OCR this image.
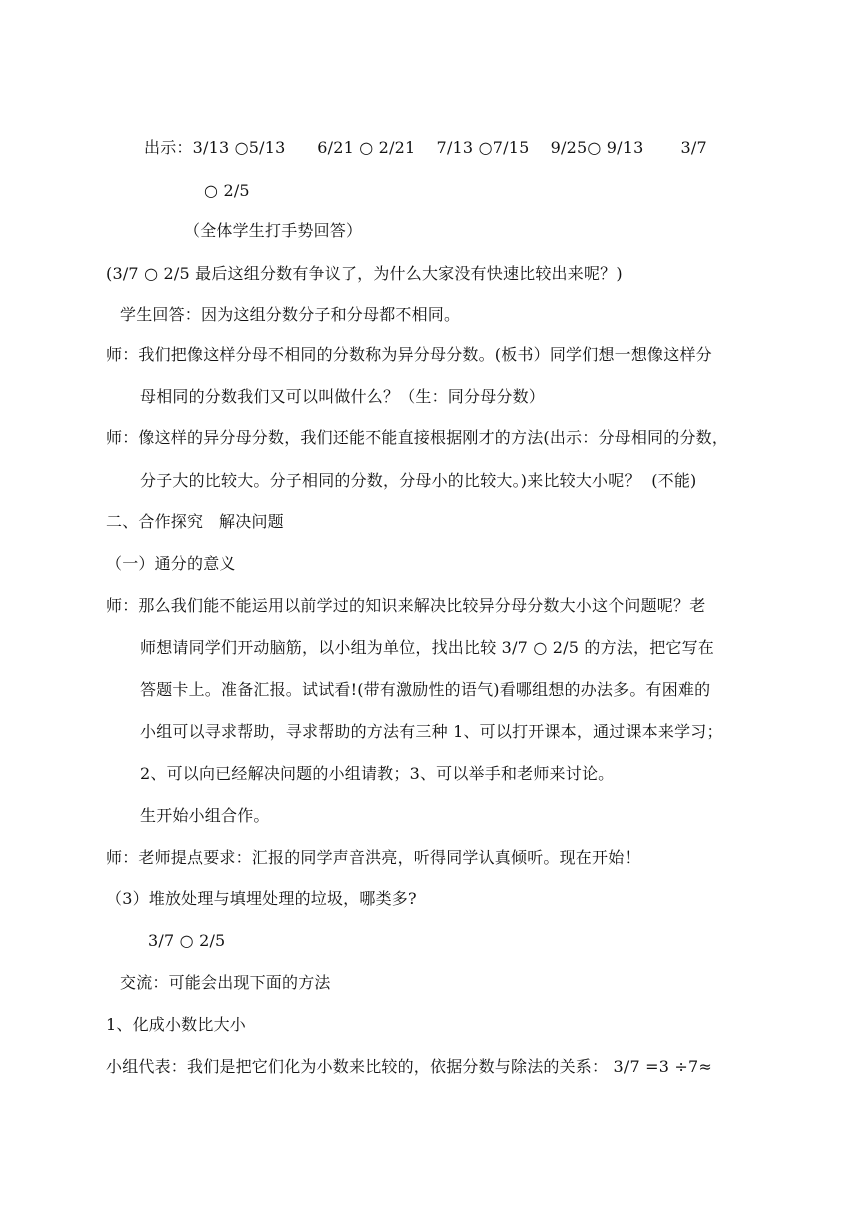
出示：3/13 ○5/13      6/21 ○ 2/21    7/13 ○7/15    9/25○ 9/13       3/7
○ 2/5
（全体学生打手势回答）
(3/7 ○ 2/5 最后这组分数有争议了，为什么大家没有快速比较出来呢？)
学生回答：因为这组分数分子和分母都不相同。
师：我们把像这样分母不相同的分数称为异分母分数。(板书）同学们想一想像这样分
母相同的分数我们又可以叫做什么？（生：同分母分数）
师：像这样的异分母分数，我们还能不能直接根据刚才的方法(出示：分母相同的分数，
分子大的比较大。分子相同的分数，分母小的比较大。)来比较大小呢？  (不能)
二、合作探究   解决问题
（一）通分的意义
师：那么我们能不能运用以前学过的知识来解决比较异分母分数大小这个问题呢？老
师想请同学们开动脑筋，以小组为单位，找出比较 3/7 ○ 2/5 的方法，把它写在
答题卡上。准备汇报。试试看!(带有激励性的语气)看哪组想的办法多。有困难的
小组可以寻求帮助，寻求帮助的方法有三种 1、可以打开课本，通过课本来学习；
2、可以向已经解决问题的小组请教；3、可以举手和老师来讨论。
生开始小组合作。
师：老师提点要求：汇报的同学声音洪亮，听得同学认真倾听。现在开始！
（3）堆放处理与填埋处理的垃圾，哪类多?
3/7 ○ 2/5
交流：可能会出现下面的方法
1、化成小数比大小
小组代表：我们是把它们化为小数来比较的，依据分数与除法的关系： 3/7 =3 ÷7≈
